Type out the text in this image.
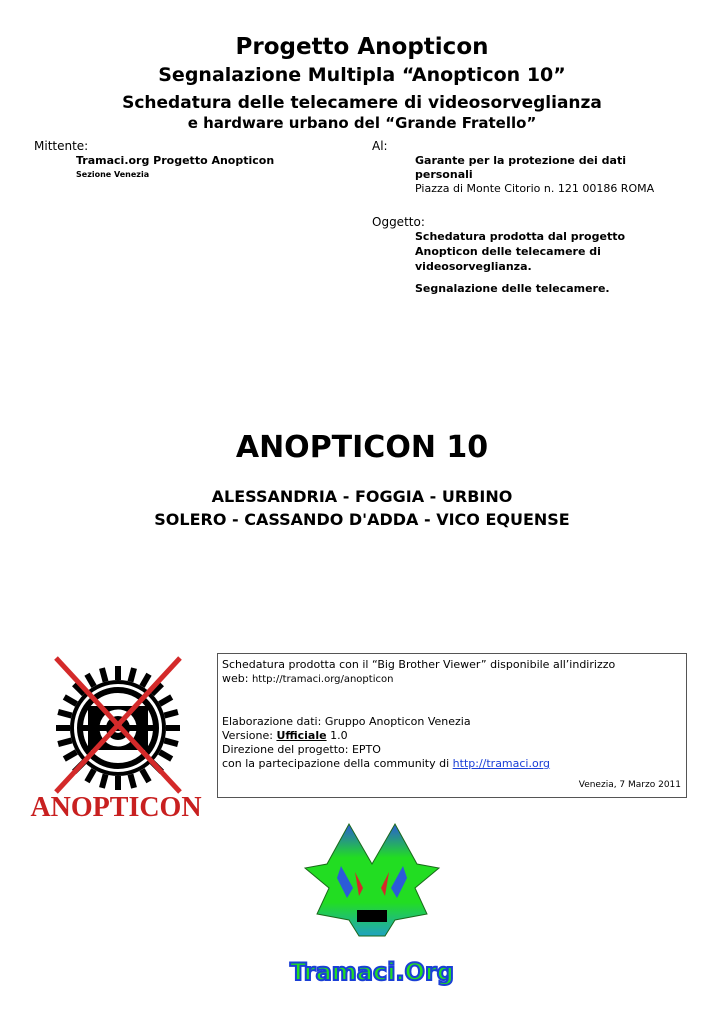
Progetto Anopticon
Segnalazione Multipla “Anopticon 10”
Schedatura delle telecamere di videosorveglianza
e hardware urbano del “Grande Fratello”
Mittente:
Tramaci.org Progetto Anopticon
Sezione Venezia
Al:
Garante per la protezione dei dati
personali
Piazza di Monte Citorio n. 121 00186 ROMA
Oggetto:
Schedatura prodotta dal progetto
Anopticon delle telecamere di
videosorveglianza.
Segnalazione delle telecamere.
ANOPTICON 10
ALESSANDRIA - FOGGIA - URBINO
SOLERO - CASSANDO D'ADDA - VICO EQUENSE
ANOPTICON
Schedatura prodotta con il “Big Brother Viewer” disponibile all’indirizzo
web: http://tramaci.org/anopticon
Elaborazione dati: Gruppo Anopticon Venezia
Versione: Ufficiale 1.0
Direzione del progetto: EPTO
con la partecipazione della community di http://tramaci.org
Venezia, 7 Marzo 2011
Tramaci.Org
